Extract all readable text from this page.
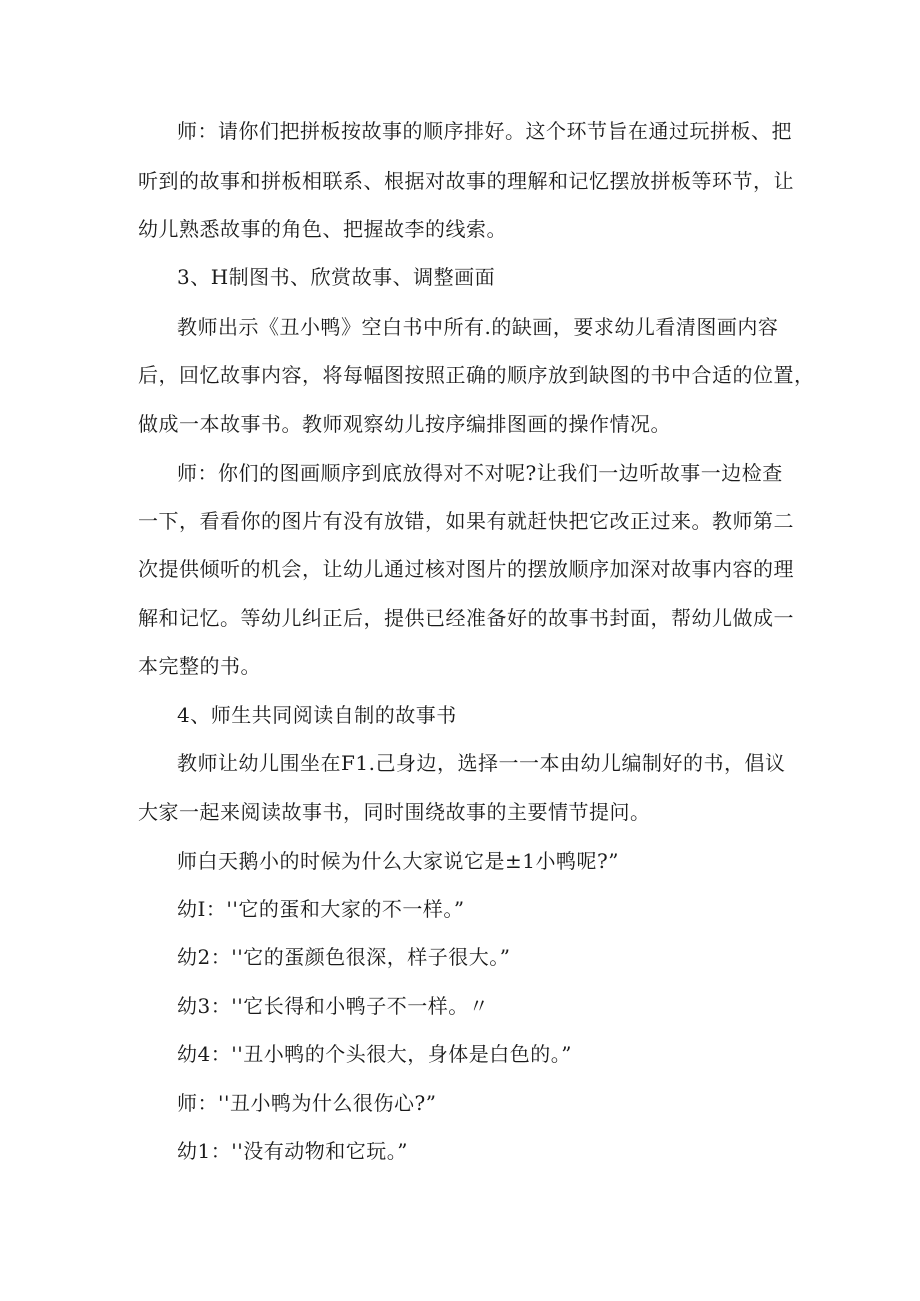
师：请你们把拼板按故事的顺序排好。这个环节旨在通过玩拼板、把
听到的故事和拼板相联系、根据对故事的理解和记忆摆放拼板等环节，让
幼儿熟悉故事的角色、把握故李的线索。
3、H制图书、欣赏故事、调整画面
教师出示《丑小鸭》空白书中所有.的缺画，要求幼儿看清图画内容
后，回忆故事内容，将每幅图按照正确的顺序放到缺图的书中合适的位置，
做成一本故事书。教师观察幼儿按序编排图画的操作情况。
师：你们的图画顺序到底放得对不对呢?让我们一边听故事一边检查
一下，看看你的图片有没有放错，如果有就赶快把它改正过来。教师第二
次提供倾听的机会，让幼儿通过核对图片的摆放顺序加深对故事内容的理
解和记忆。等幼儿纠正后，提供已经准备好的故事书封面，帮幼儿做成一
本完整的书。
4、师生共同阅读自制的故事书
教师让幼儿围坐在F1.己身边，选择一一本由幼儿编制好的书，倡议
大家一起来阅读故事书，同时围绕故事的主要情节提问。
师白天鹅小的时候为什么大家说它是±1小鸭呢?”
幼I：''它的蛋和大家的不一样。”
幼2：''它的蛋颜色很深，样子很大。”
幼3：''它长得和小鸭子不一样。〃
幼4：''丑小鸭的个头很大，身体是白色的。”
师：''丑小鸭为什么很伤心?”
幼1：''没有动物和它玩。”
